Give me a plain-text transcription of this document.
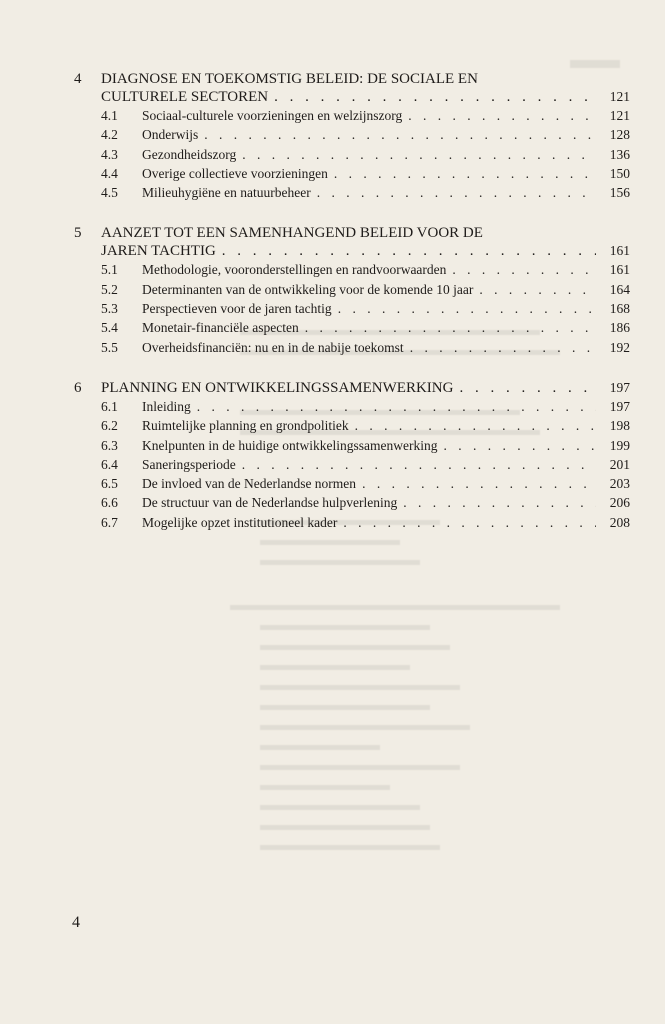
4	DIAGNOSE EN TOEKOMSTIG BELEID: DE SOCIALE EN
CULTURELE SECTOREN . . .	121
4.1	Sociaal-culturele voorzieningen en welzijnszorg . . .	121
4.2	Onderwijs . . .	128
4.3	Gezondheidszorg . . .	136
4.4	Overige collectieve voorzieningen . . .	150
4.5	Milieuhygiëne en natuurbeheer . . .	156
5	AANZET TOT EEN SAMENHANGEND BELEID VOOR DE
JAREN TACHTIG . . .	161
5.1	Methodologie, vooronderstellingen en randvoorwaarden . . .	161
5.2	Determinanten van de ontwikkeling voor de komende 10 jaar . . .	164
5.3	Perspectieven voor de jaren tachtig . . .	168
5.4	Monetair-financiële aspecten . . .	186
5.5	Overheidsfinanciën: nu en in de nabije toekomst . . .	192
6 PLANNING EN ONTWIKKELINGSSAMENWERKING . . .	197
6.1	Inleiding . . .	197
6.2	Ruimtelijke planning en grondpolitiek . . .	198
6.3	Knelpunten in de huidige ontwikkelingssamenwerking . . .	199
6.4	Saneringsperiode . . .	201
6.5	De invloed van de Nederlandse normen . . .	203
6.6	De structuur van de Nederlandse hulpverlening . . .	206
6.7	Mogelijke opzet institutioneel kader . . .	208
4
